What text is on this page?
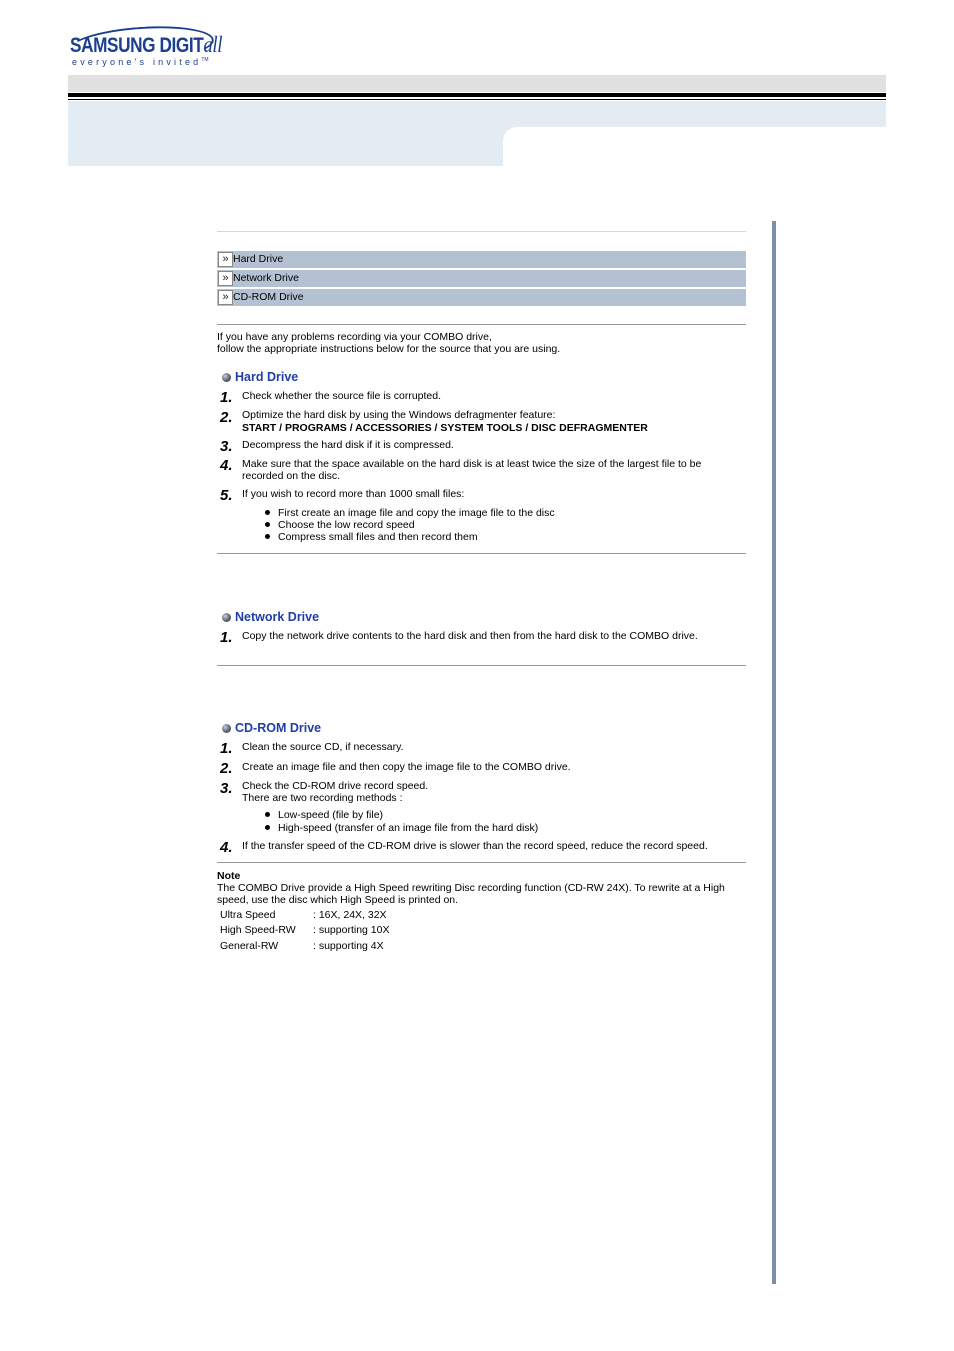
SAMSUNG DIGITall
everyone's invited™
» Hard Drive
» Network Drive
» CD-ROM Drive
If you have any problems recording via your COMBO drive,
follow the appropriate instructions below for the source that you are using.
Hard Drive
1. Check whether the source file is corrupted.
2. Optimize the hard disk by using the Windows defragmenter feature:
START / PROGRAMS / ACCESSORIES / SYSTEM TOOLS / DISC DEFRAGMENTER
3. Decompress the hard disk if it is compressed.
4. Make sure that the space available on the hard disk is at least twice the size of the largest file to be
recorded on the disc.
5. If you wish to record more than 1000 small files:
First create an image file and copy the image file to the disc
Choose the low record speed
Compress small files and then record them
Network Drive
1. Copy the network drive contents to the hard disk and then from the hard disk to the COMBO drive.
CD-ROM Drive
1. Clean the source CD, if necessary.
2. Create an image file and then copy the image file to the COMBO drive.
3. Check the CD-ROM drive record speed.
There are two recording methods :
Low-speed (file by file)
High-speed (transfer of an image file from the hard disk)
4. If the transfer speed of the CD-ROM drive is slower than the record speed, reduce the record speed.
Note
The COMBO Drive provide a High Speed rewriting Disc recording function (CD-RW 24X). To rewrite at a High
speed, use the disc which High Speed is printed on.
Ultra Speed	: 16X, 24X, 32X
High Speed-RW : supporting 10X
General-RW	: supporting 4X
